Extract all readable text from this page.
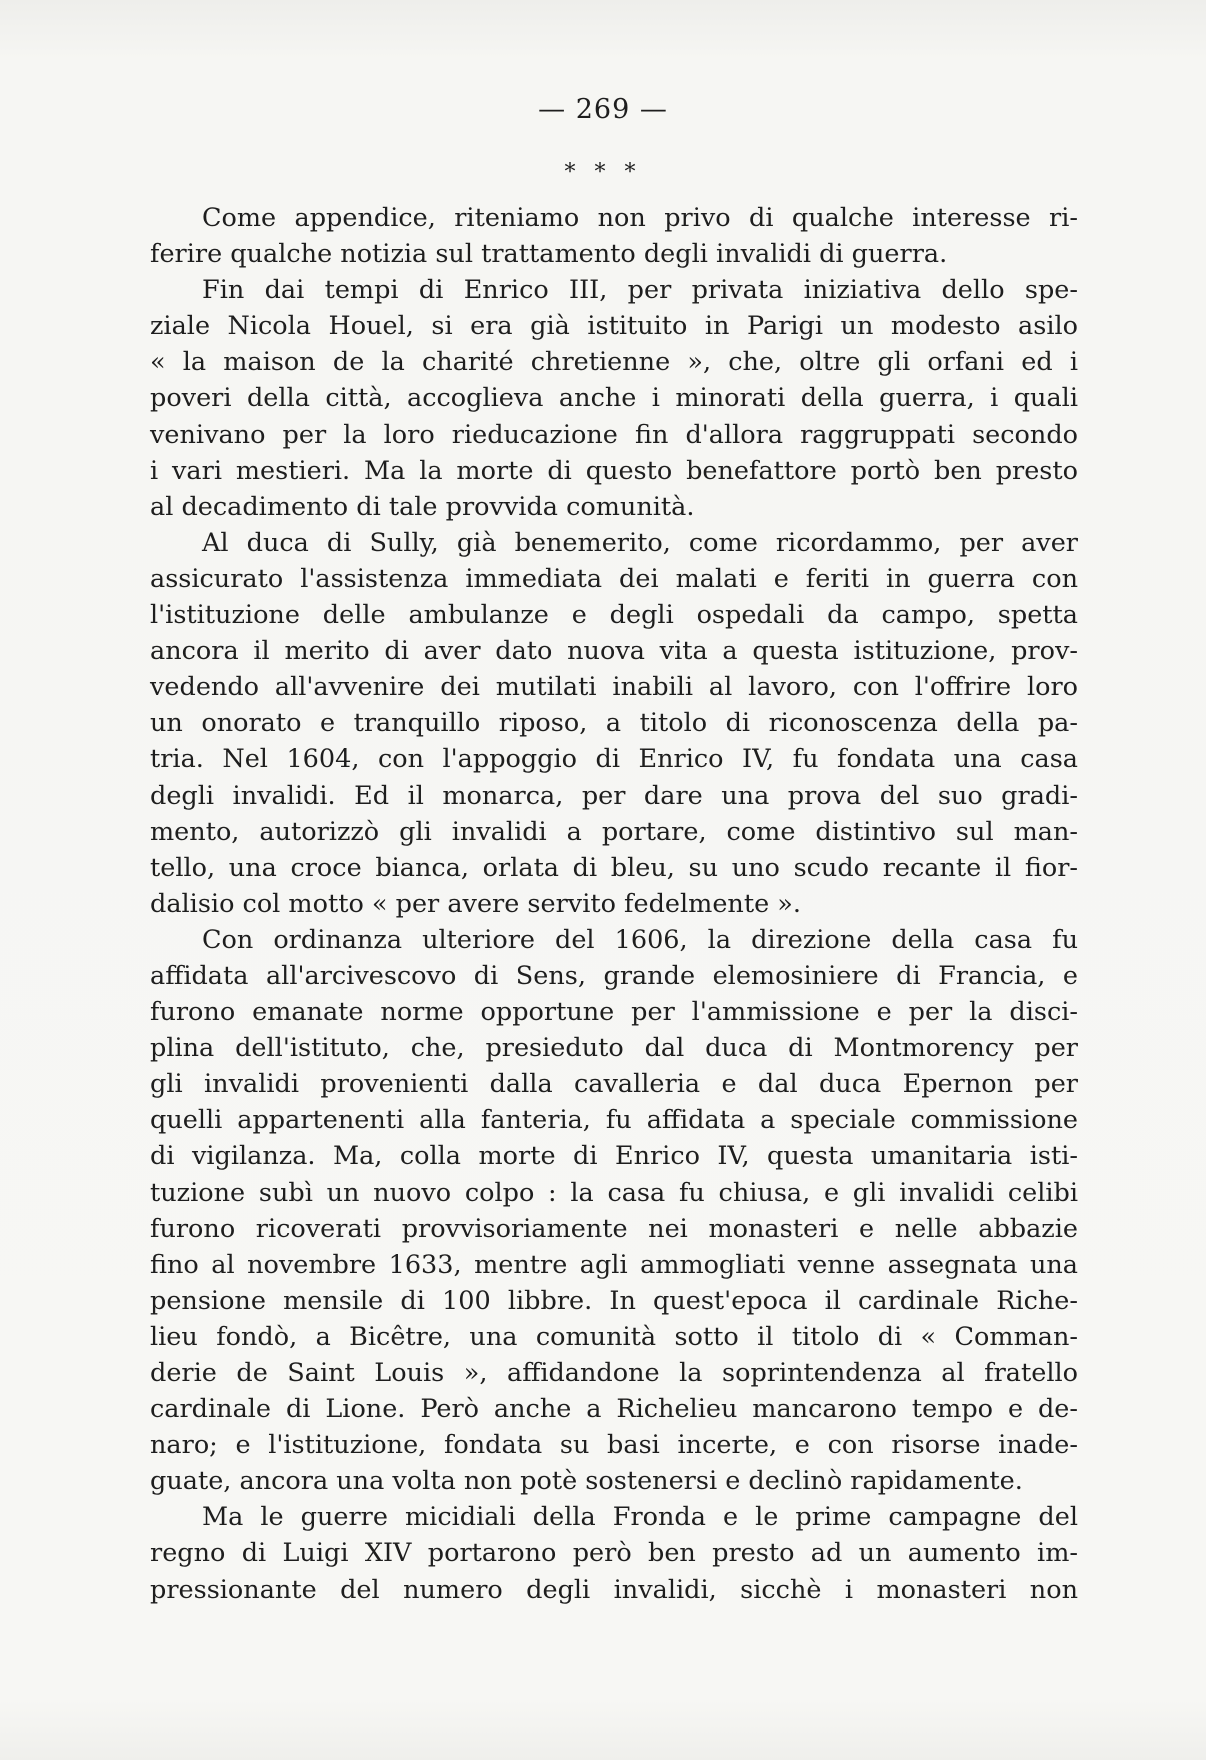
— 269 —
* * *
Come appendice, riteniamo non privo di qualche interesse ri-
ferire qualche notizia sul trattamento degli invalidi di guerra.
Fin dai tempi di Enrico III, per privata iniziativa dello spe-
ziale Nicola Houel, si era già istituito in Parigi un modesto asilo
« la maison de la charité chretienne », che, oltre gli orfani ed i
poveri della città, accoglieva anche i minorati della guerra, i quali
venivano per la loro rieducazione fin d'allora raggruppati secondo
i vari mestieri. Ma la morte di questo benefattore portò ben presto
al decadimento di tale provvida comunità.
Al duca di Sully, già benemerito, come ricordammo, per aver
assicurato l'assistenza immediata dei malati e feriti in guerra con
l'istituzione delle ambulanze e degli ospedali da campo, spetta
ancora il merito di aver dato nuova vita a questa istituzione, prov-
vedendo all'avvenire dei mutilati inabili al lavoro, con l'offrire loro
un onorato e tranquillo riposo, a titolo di riconoscenza della pa-
tria. Nel 1604, con l'appoggio di Enrico IV, fu fondata una casa
degli invalidi. Ed il monarca, per dare una prova del suo gradi-
mento, autorizzò gli invalidi a portare, come distintivo sul man-
tello, una croce bianca, orlata di bleu, su uno scudo recante il fior-
dalisio col motto « per avere servito fedelmente ».
Con ordinanza ulteriore del 1606, la direzione della casa fu
affidata all'arcivescovo di Sens, grande elemosiniere di Francia, e
furono emanate norme opportune per l'ammissione e per la disci-
plina dell'istituto, che, presieduto dal duca di Montmorency per
gli invalidi provenienti dalla cavalleria e dal duca Epernon per
quelli appartenenti alla fanteria, fu affidata a speciale commissione
di vigilanza. Ma, colla morte di Enrico IV, questa umanitaria isti-
tuzione subì un nuovo colpo : la casa fu chiusa, e gli invalidi celibi
furono ricoverati provvisoriamente nei monasteri e nelle abbazie
fino al novembre 1633, mentre agli ammogliati venne assegnata una
pensione mensile di 100 libbre. In quest'epoca il cardinale Riche-
lieu fondò, a Bicêtre, una comunità sotto il titolo di « Comman-
derie de Saint Louis », affidandone la soprintendenza al fratello
cardinale di Lione. Però anche a Richelieu mancarono tempo e de-
naro; e l'istituzione, fondata su basi incerte, e con risorse inade-
guate, ancora una volta non potè sostenersi e declinò rapidamente.
Ma le guerre micidiali della Fronda e le prime campagne del
regno di Luigi XIV portarono però ben presto ad un aumento im-
pressionante del numero degli invalidi, sicchè i monasteri non
